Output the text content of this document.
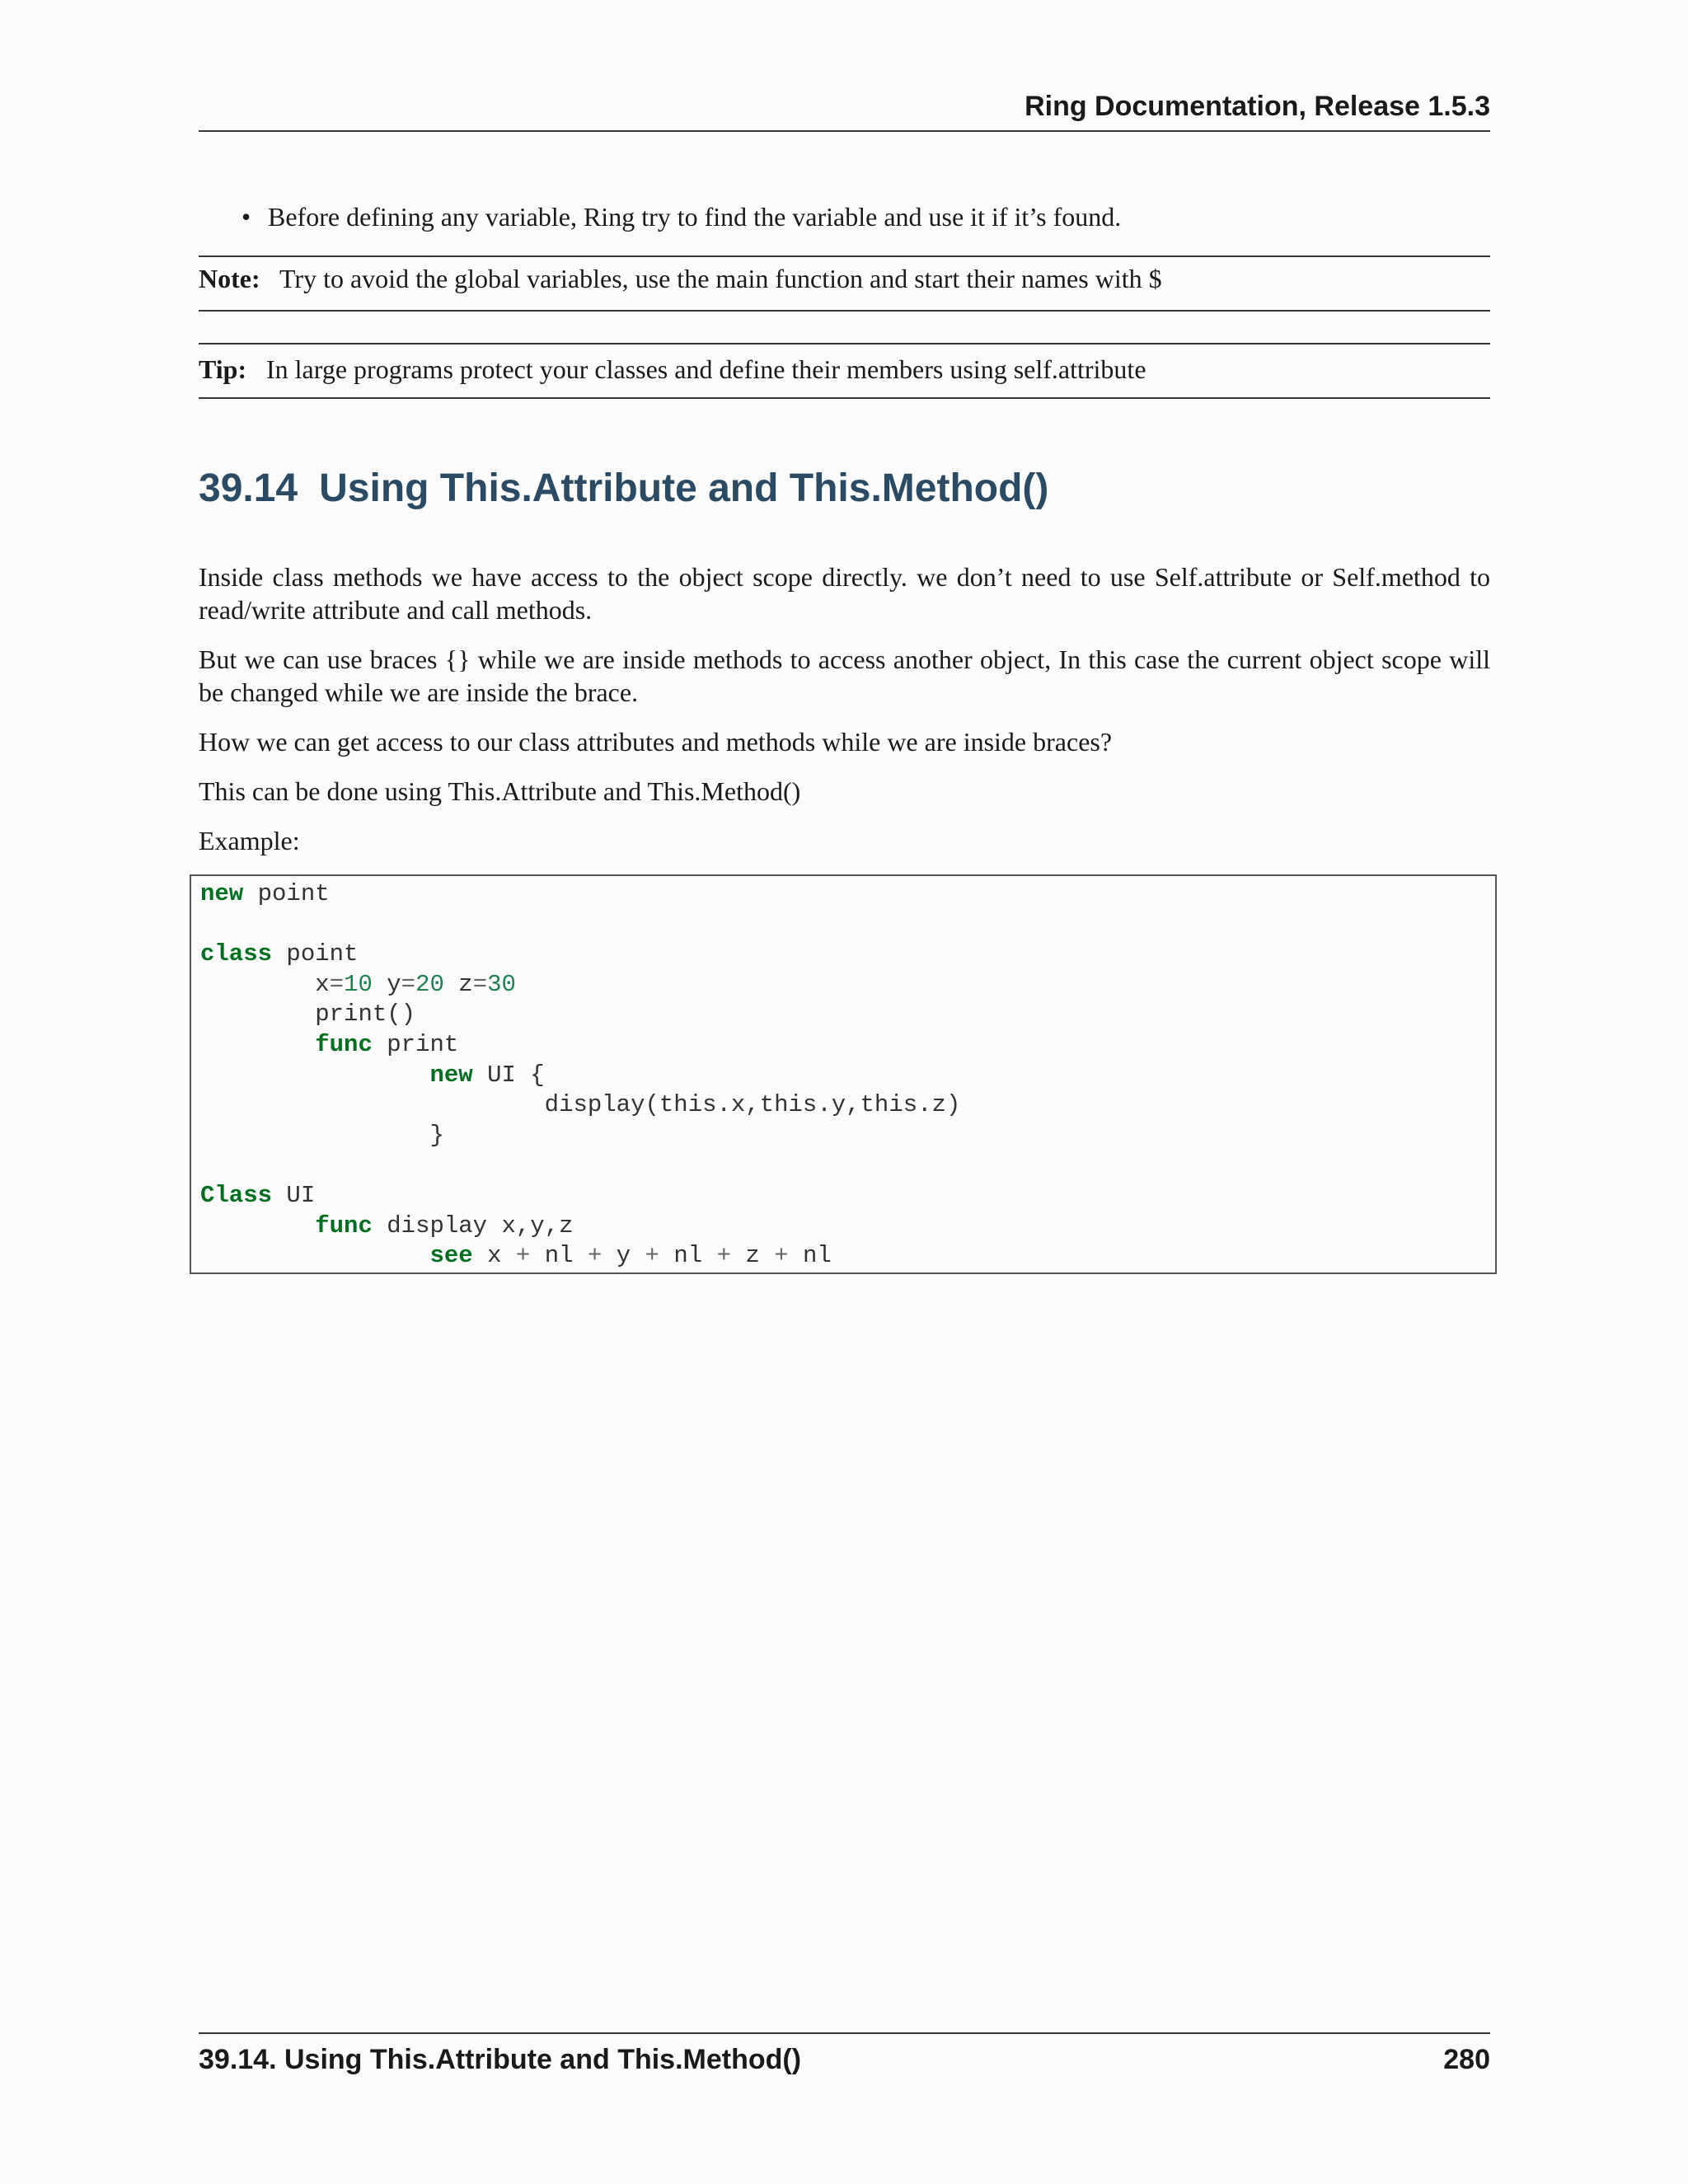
Ring Documentation, Release 1.5.3
• Before defining any variable, Ring try to find the variable and use it if it’s found.
Note: Try to avoid the global variables, use the main function and start their names with $
Tip: In large programs protect your classes and define their members using self.attribute
39.14 Using This.Attribute and This.Method()

Inside class methods we have access to the object scope directly. we don’t need to use Self.attribute or Self.method to read/write attribute and call methods.

But we can use braces {} while we are inside methods to access another object, In this case the current object scope will be changed while we are inside the brace.

How we can get access to our class attributes and methods while we are inside braces?

This can be done using This.Attribute and This.Method()

Example:

new point

class point
x=10 y=20 z=30
print()
func print
new UI {
display(this.x,this.y,this.z)
}

Class UI
func display x,y,z
see x + nl + y + nl + z + nl
39.14. Using This.Attribute and This.Method()	280
